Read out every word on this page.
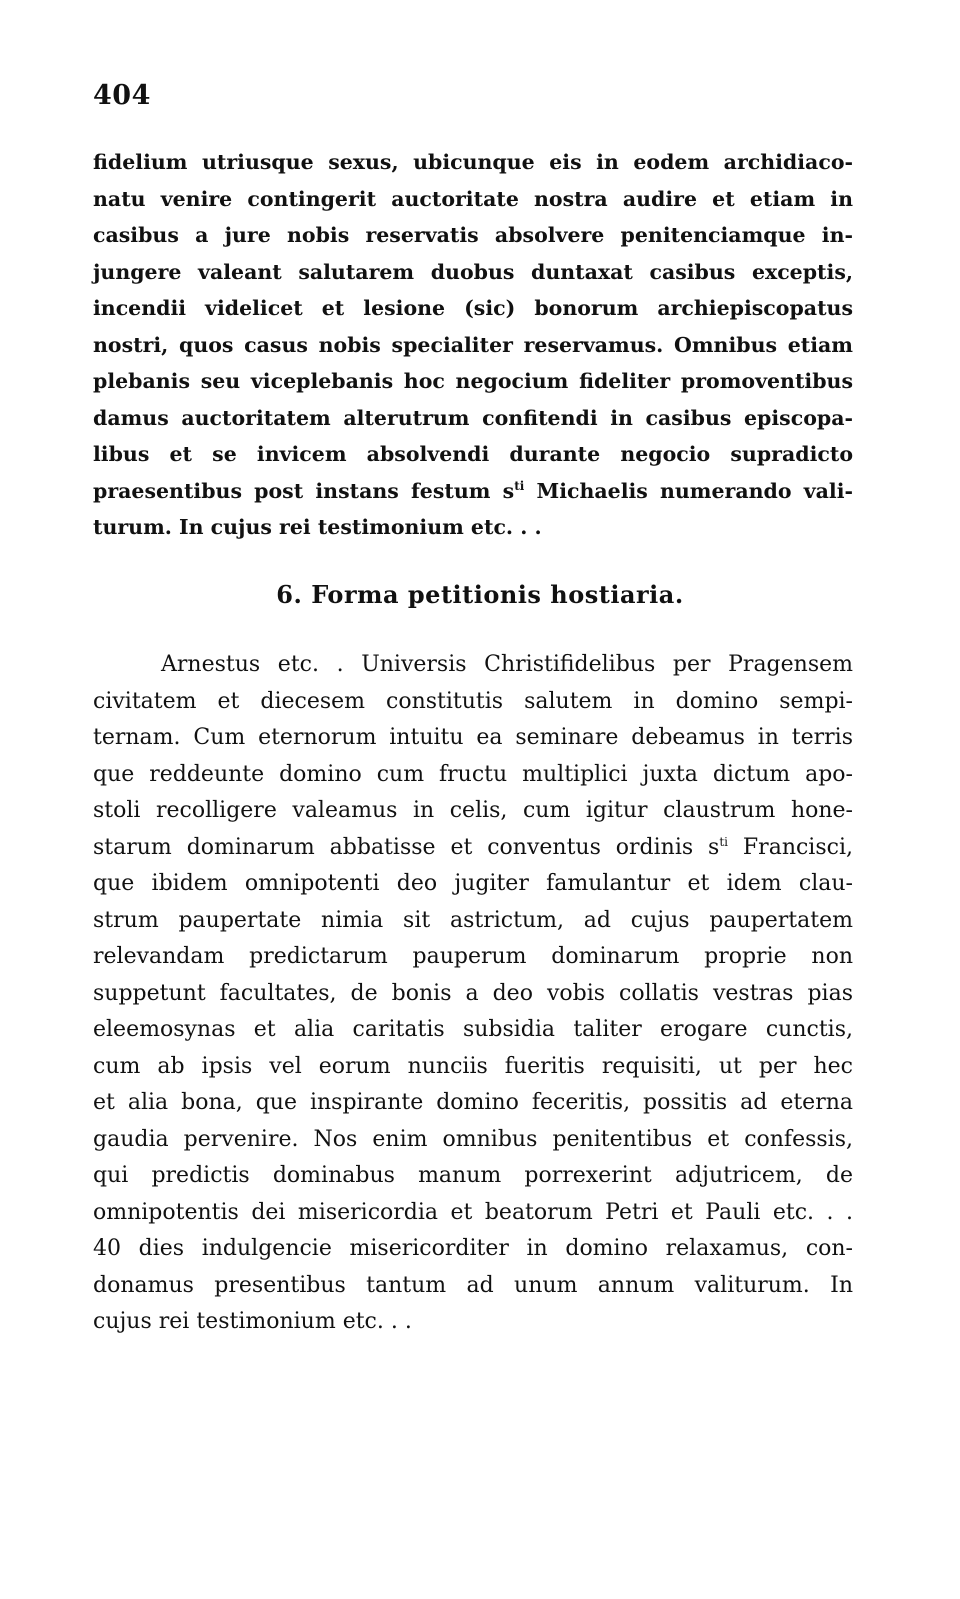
404
fidelium utriusque sexus, ubicunque eis in eodem archidiaco-
natu venire contingerit auctoritate nostra audire et etiam in
casibus a jure nobis reservatis absolvere penitenciamque in-
jungere valeant salutarem duobus duntaxat casibus exceptis,
incendii videlicet et lesione (sic) bonorum archiepiscopatus
nostri, quos casus nobis specialiter reservamus. Omnibus etiam
plebanis seu viceplebanis hoc negocium fideliter promoventibus
damus auctoritatem alterutrum confitendi in casibus episcopa-
libus et se invicem absolvendi durante negocio supradicto
praesentibus post instans festum $s^{ti}$ Michaelis numerando vali-
turum. In cujus rei testimonium etc. . .
6. Forma petitionis hostiaria.
Arnestus etc. . Universis Christifidelibus per Pragensem
civitatem et diecesem constitutis salutem in domino sempi-
ternam. Cum eternorum intuitu ea seminare debeamus in terris
que reddeunte domino cum fructu multiplici juxta dictum apo-
stoli recolligere valeamus in celis, cum igitur claustrum hone-
starum dominarum abbatisse et conventus ordinis $s^{ti}$ Francisci,
que ibidem omnipotenti deo jugiter famulantur et idem clau-
strum paupertate nimia sit astrictum, ad cujus paupertatem
relevandam predictarum pauperum dominarum proprie non
suppetunt facultates, de bonis a deo vobis collatis vestras pias
eleemosynas et alia caritatis subsidia taliter erogare cunctis,
cum ab ipsis vel eorum nunciis fueritis requisiti, ut per hec
et alia bona, que inspirante domino feceritis, possitis ad eterna
gaudia pervenire. Nos enim omnibus penitentibus et confessis,
qui predictis dominabus manum porrexerint adjutricem, de
omnipotentis dei misericordia et beatorum Petri et Pauli etc. . .
40 dies indulgencie misericorditer in domino relaxamus, con-
donamus presentibus tantum ad unum annum valiturum. In
cujus rei testimonium etc. . .
